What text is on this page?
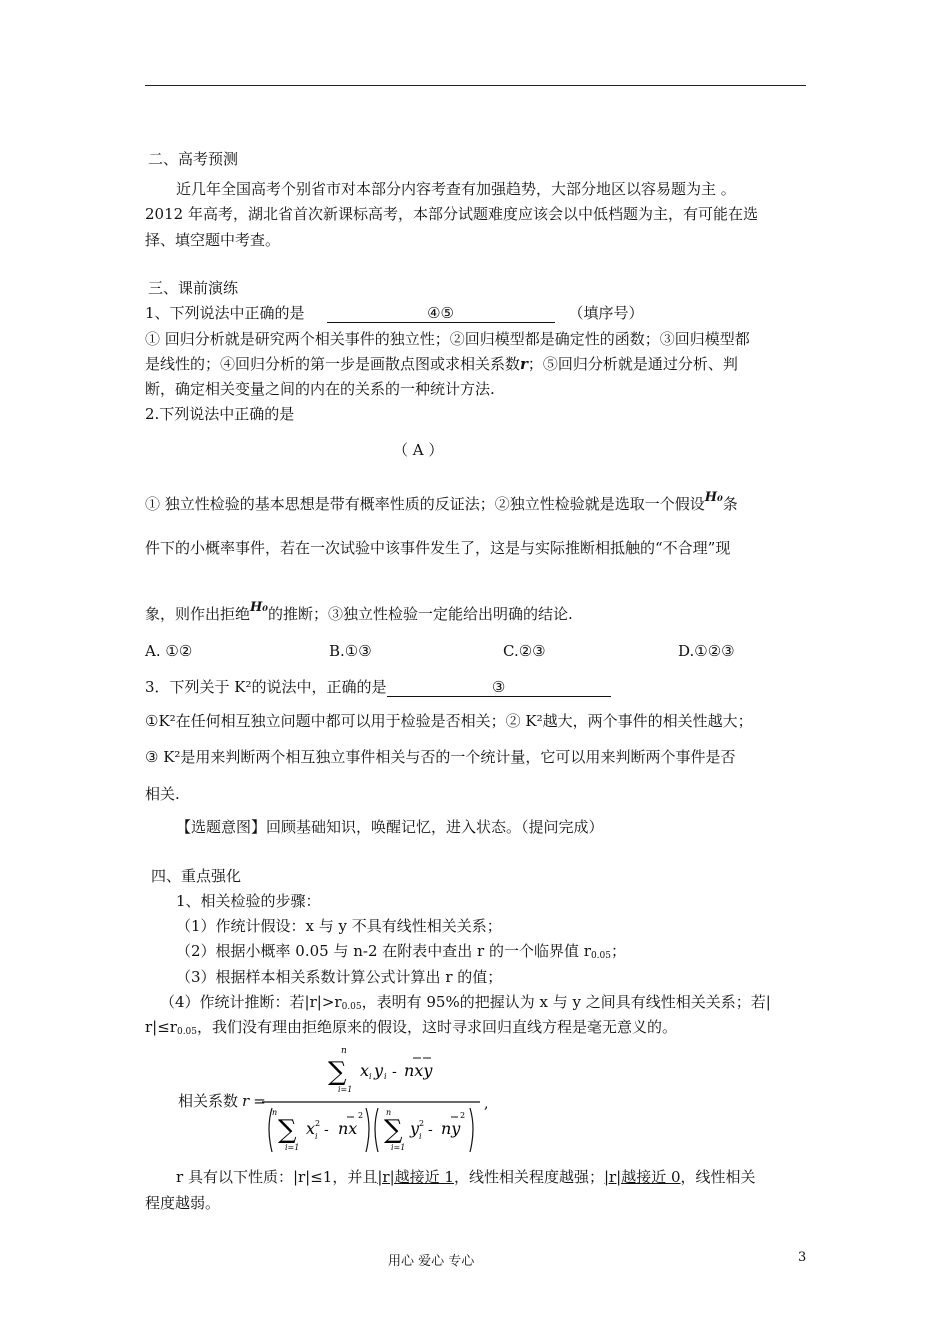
二、高考预测
近几年全国高考个别省市对本部分内容考查有加强趋势，大部分地区以容易题为主 。
2012 年高考，湖北省首次新课标高考，本部分试题难度应该会以中低档题为主，有可能在选
择、填空题中考查。
三、课前演练
1、下列说法中正确的是	④⑤	（填序号）
① 回归分析就是研究两个相关事件的独立性；②回归模型都是确定性的函数；③回归模型都
是线性的；④回归分析的第一步是画散点图或求相关系数r；⑤回归分析就是通过分析、判
断，确定相关变量之间的内在的关系的一种统计方法.
2.下列说法中正确的是
（ A ）
① 独立性检验的基本思想是带有概率性质的反证法；②独立性检验就是选取一个假设H₀条
件下的小概率事件，若在一次试验中该事件发生了，这是与实际推断相抵触的“不合理”现
象，则作出拒绝H₀的推断；③独立性检验一定能给出明确的结论.
A. ①②	B.①③	C.②③	D.①②③
3．下列关于 K²的说法中，正确的是	③
①K²在任何相互独立问题中都可以用于检验是否相关；② K²越大，两个事件的相关性越大；
③ K²是用来判断两个相互独立事件相关与否的一个统计量，它可以用来判断两个事件是否
相关.
【选题意图】回顾基础知识，唤醒记忆，进入状态。（提问完成）
四、重点强化
1、相关检验的步骤：
（1）作统计假设：x 与 y 不具有线性相关关系；
（2）根据小概率 0.05 与 n-2 在附表中查出 r 的一个临界值 $r_{0.05}$；
（3）根据样本相关系数计算公式计算出 r 的值；
（4）作统计推断：若$|r|>r_{0.05}$，表明有 95%的把握认为 x 与 y 之间具有线性相关关系；若|
$r|\le r_{0.05}$，我们没有理由拒绝原来的假设，这时寻求回归直线方程是毫无意义的。
相关系数 r =
n
∑
i=1
x i y i - nxy
n
∑
i=1
x 2
i - nx
2	n
∑
i=1
y 2
i - ny
2
,
r 具有以下性质：|r|≤1，并且|r|越接近 1，线性相关程度越强；|r|越接近 0，线性相关
程度越弱。
用心 爱心 专心	3
